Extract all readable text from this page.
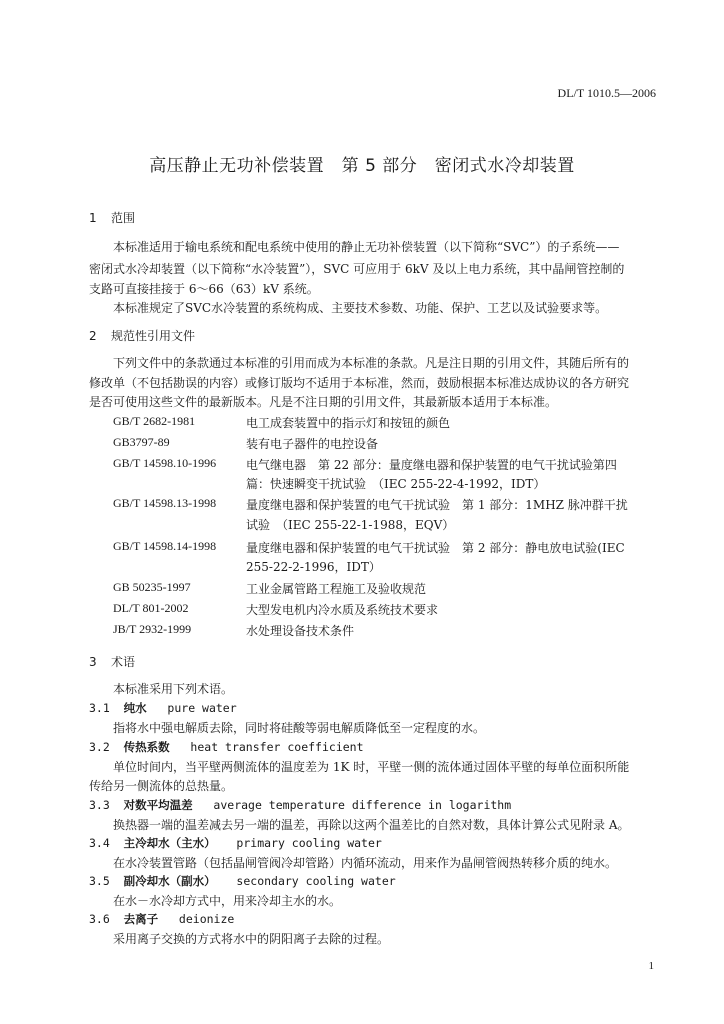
DL/T 1010.5—2006
高压静止无功补偿装置　第 5 部分　密闭式水冷却装置
1 范围
本标准适用于输电系统和配电系统中使用的静止无功补偿装置（以下简称“SVC”）的子系统——
密闭式水冷却装置（以下简称“水冷装置”），SVC 可应用于 6kV 及以上电力系统，其中晶闸管控制的
支路可直接挂接于 6～66（63）kV 系统。
本标准规定了SVC水冷装置的系统构成、主要技术参数、功能、保护、工艺以及试验要求等。
2 规范性引用文件
下列文件中的条款通过本标准的引用而成为本标准的条款。凡是注日期的引用文件，其随后所有的
修改单（不包括勘误的内容）或修订版均不适用于本标准，然而，鼓励根据本标准达成协议的各方研究
是否可使用这些文件的最新版本。凡是不注日期的引用文件，其最新版本适用于本标准。
GB/T 2682-1981	电工成套装置中的指示灯和按钮的颜色
GB3797-89	装有电子器件的电控设备
GB/T 14598.10-1996 电气继电器　第 22 部分：量度继电器和保护装置的电气干扰试验第四
篇：快速瞬变干扰试验　（IEC 255-22-4-1992，IDT）
GB/T 14598.13-1998 量度继电器和保护装置的电气干扰试验　第 1 部分：1MHZ 脉冲群干扰
试验　（IEC 255-22-1-1988，EQV）
GB/T 14598.14-1998 量度继电器和保护装置的电气干扰试验　第 2 部分：静电放电试验(IEC
255-22-2-1996，IDT）
GB 50235-1997	工业金属管路工程施工及验收规范
DL/T 801-2002	大型发电机内冷水质及系统技术要求
JB/T 2932-1999	水处理设备技术条件
3 术语
本标准采用下列术语。
3.1 纯水 pure water
指将水中强电解质去除，同时将硅酸等弱电解质降低至一定程度的水。
3.2 传热系数 heat transfer coefficient
单位时间内，当平壁两侧流体的温度差为 1K 时，平壁一侧的流体通过固体平壁的每单位面积所能
传给另一侧流体的总热量。
3.3 对数平均温差 average temperature difference in logarithm
换热器一端的温差减去另一端的温差，再除以这两个温差比的自然对数，具体计算公式见附录 A。
3.4 主冷却水（主水） primary cooling water
在水冷装置管路（包括晶闸管阀冷却管路）内循环流动，用来作为晶闸管阀热转移介质的纯水。
3.5 副冷却水（副水） secondary cooling water
在水－水冷却方式中，用来冷却主水的水。
3.6 去离子 deionize
采用离子交换的方式将水中的阴阳离子去除的过程。
1
